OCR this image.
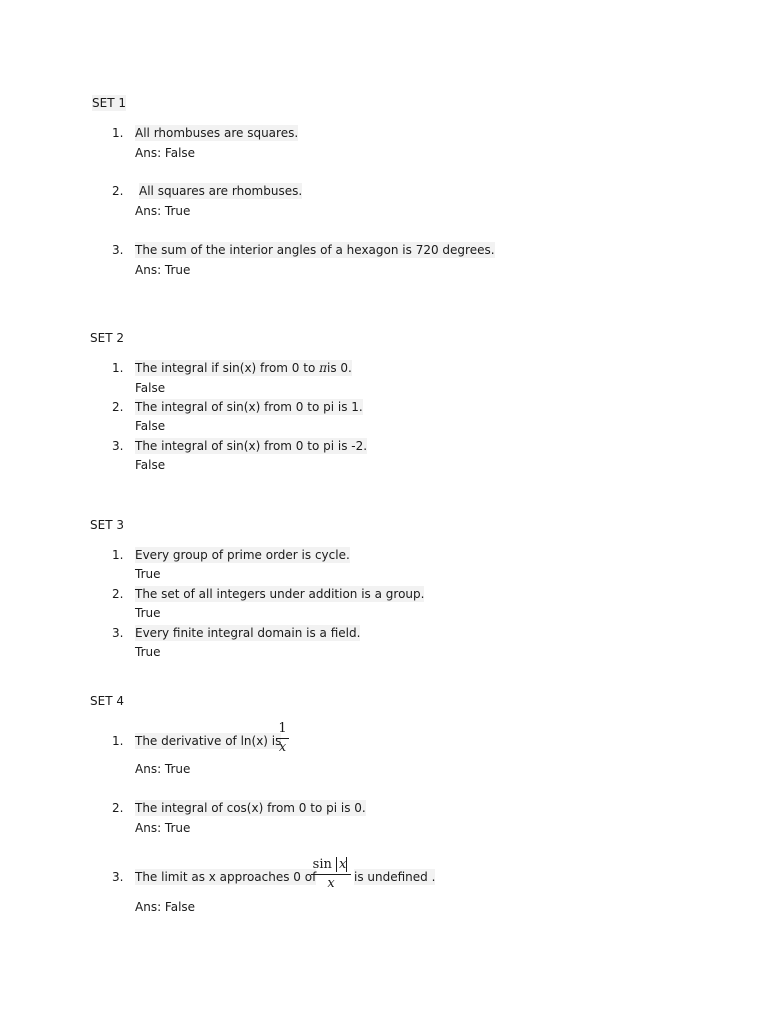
SET 1
1. All rhombuses are squares.
Ans: False
2. All squares are rhombuses.
Ans: True
3. The sum of the interior angles of a hexagon is 720 degrees.
Ans: True
SET 2
1. The integral if sin(x) from 0 to πis 0.
False
2. The integral of sin(x) from 0 to pi is 1.
False
3. The integral of sin(x) from 0 to pi is -2.
False
SET 3
1. Every group of prime order is cycle.
True
2. The set of all integers under addition is a group.
True
3. Every finite integral domain is a field.
True
SET 4
1. The derivative of ln(x) is
1
x
Ans: True
2. The integral of cos(x) from 0 to pi is 0.
Ans: True
3. The limit as x approaches 0 of
sin x
x	is undefined .
Ans: False
